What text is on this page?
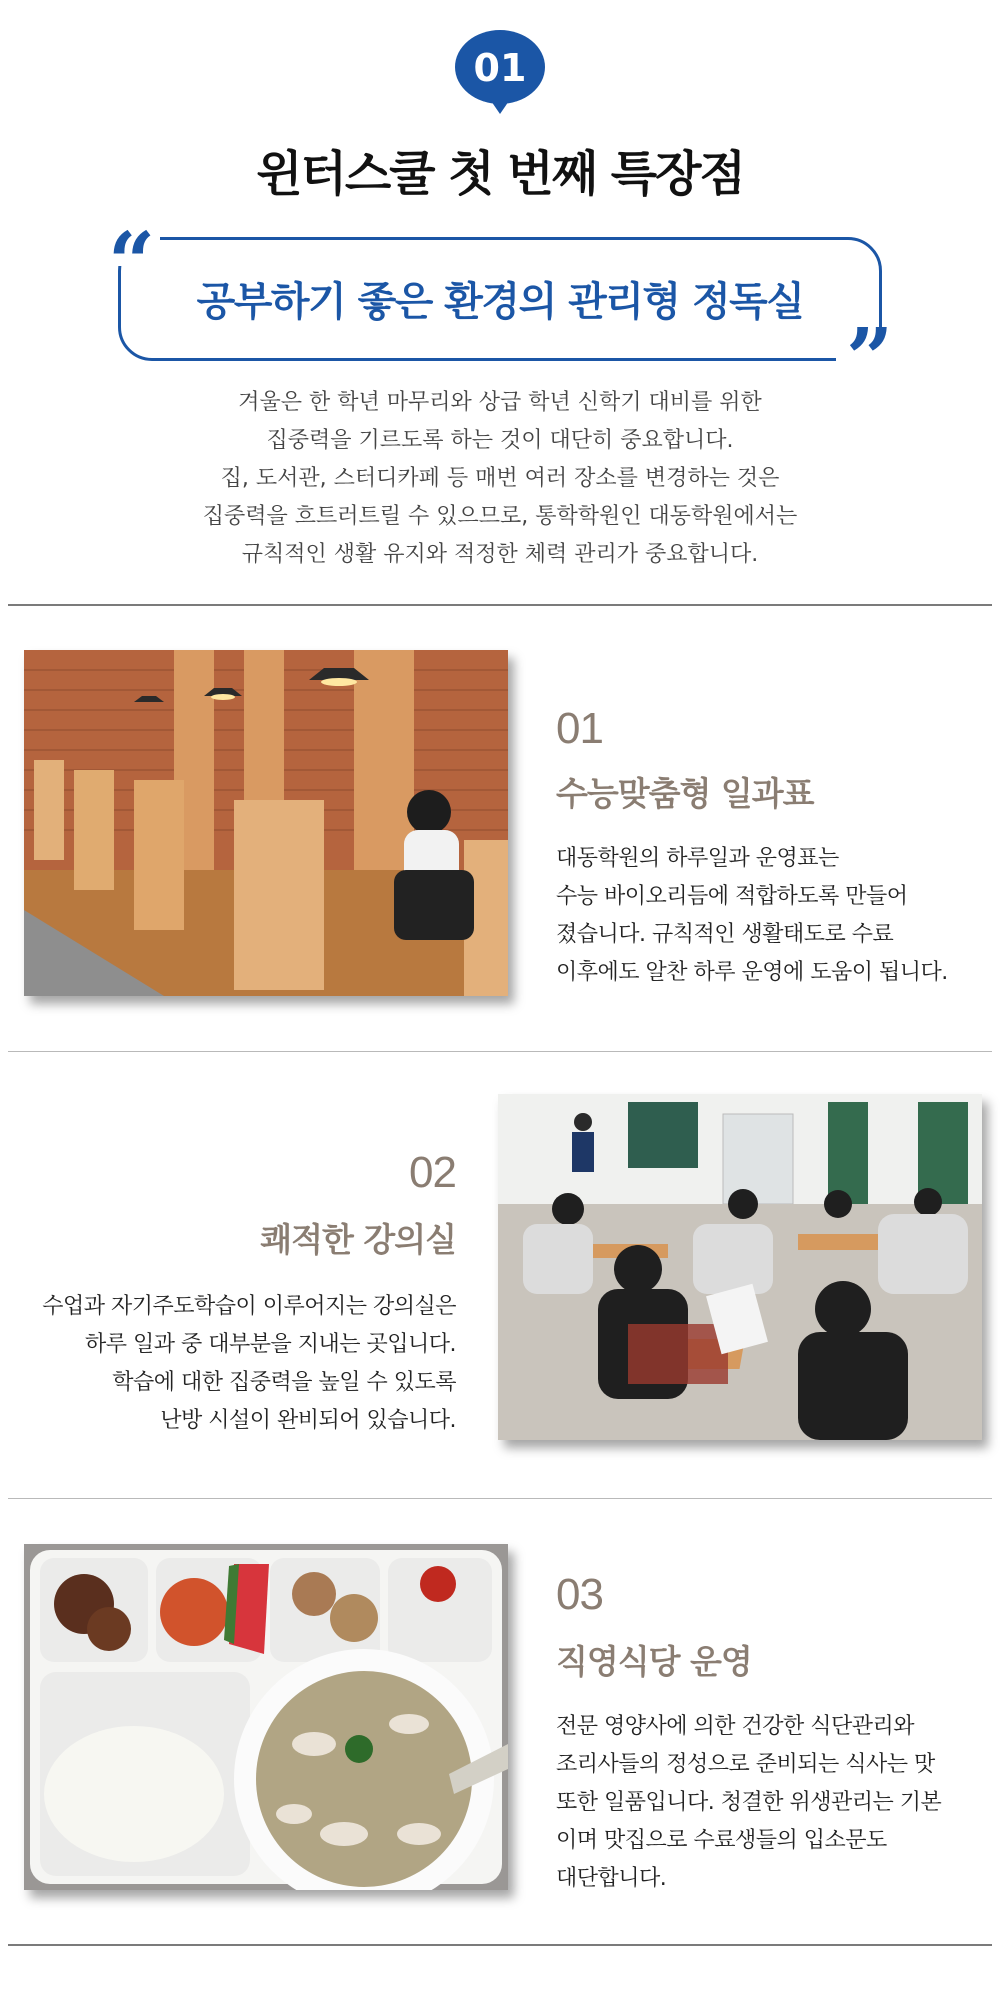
01
윈터스쿨 첫 번째 특장점
“
”
공부하기 좋은 환경의 관리형 정독실

겨울은 한 학년 마무리와 상급 학년 신학기 대비를 위한

집중력을 기르도록 하는 것이 대단히 중요합니다.

집, 도서관, 스터디카페 등 매번 여러 장소를 변경하는 것은

집중력을 흐트러트릴 수 있으므로, 통학학원인 대동학원에서는

규칙적인 생활 유지와 적정한 체력 관리가 중요합니다.

01
수능맞춤형 일과표

대동학원의 하루일과 운영표는

수능 바이오리듬에 적합하도록 만들어

졌습니다. 규칙적인 생활태도로 수료

이후에도 알찬 하루 운영에 도움이 됩니다.

02
쾌적한 강의실

수업과 자기주도학습이 이루어지는 강의실은

하루 일과 중 대부분을 지내는 곳입니다.

학습에 대한 집중력을 높일 수 있도록

난방 시설이 완비되어 있습니다.

03
직영식당 운영

전문 영양사에 의한 건강한 식단관리와

조리사들의 정성으로 준비되는 식사는 맛

또한 일품입니다. 청결한 위생관리는 기본

이며 맛집으로 수료생들의 입소문도

대단합니다.
